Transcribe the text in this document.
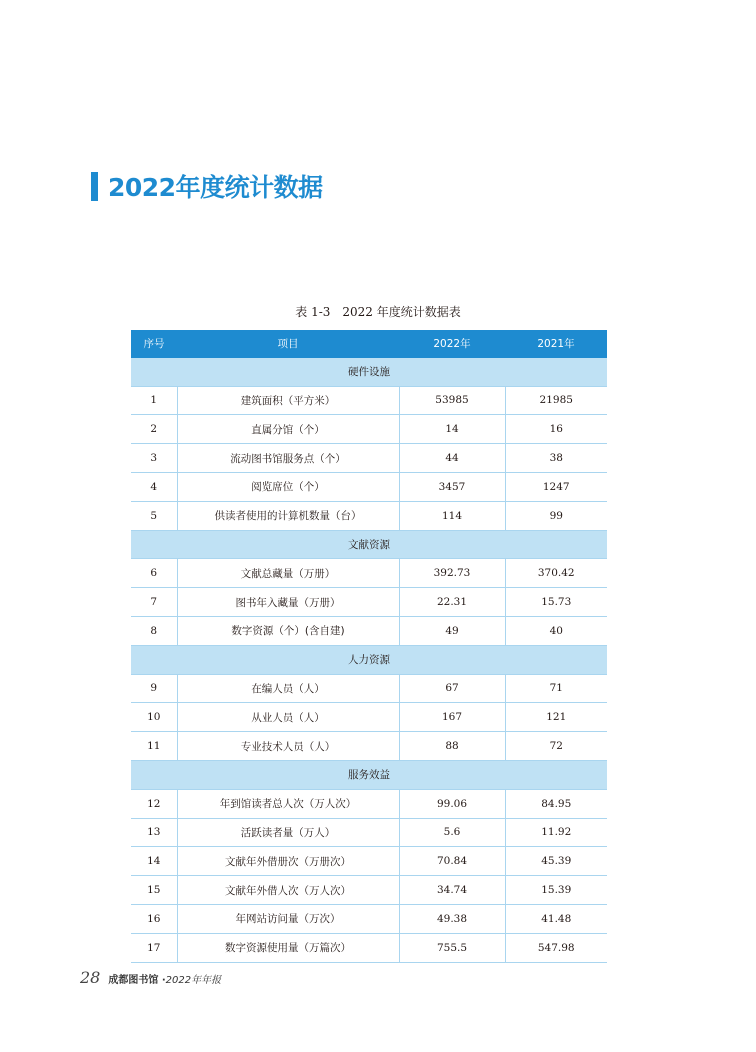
2022年度统计数据
表 1-3　2022 年度统计数据表
序号	项目	2022年	2021年
硬件设施			
1	建筑面积（平方米）	53985	21985
2	直属分馆（个）	14	16
3	流动图书馆服务点（个）	44	38
4	阅览席位（个）	3457	1247
5	供读者使用的计算机数量（台）	114	99
文献资源			
6	文献总藏量（万册）	392.73	370.42
7	图书年入藏量（万册）	22.31	15.73
8	数字资源（个）(含自建)	49	40
人力资源			
9	在编人员（人）	67	71
10	从业人员（人）	167	121
11	专业技术人员（人）	88	72
服务效益			
12	年到馆读者总人次（万人次）	99.06	84.95
13	活跃读者量（万人）	5.6	11.92
14	文献年外借册次（万册次）	70.84	45.39
15	文献年外借人次（万人次）	34.74	15.39
16	年网站访问量（万次）	49.38	41.48
17	数字资源使用量（万篇次）	755.5	547.98
28 成都图书馆 · 2022年年报
